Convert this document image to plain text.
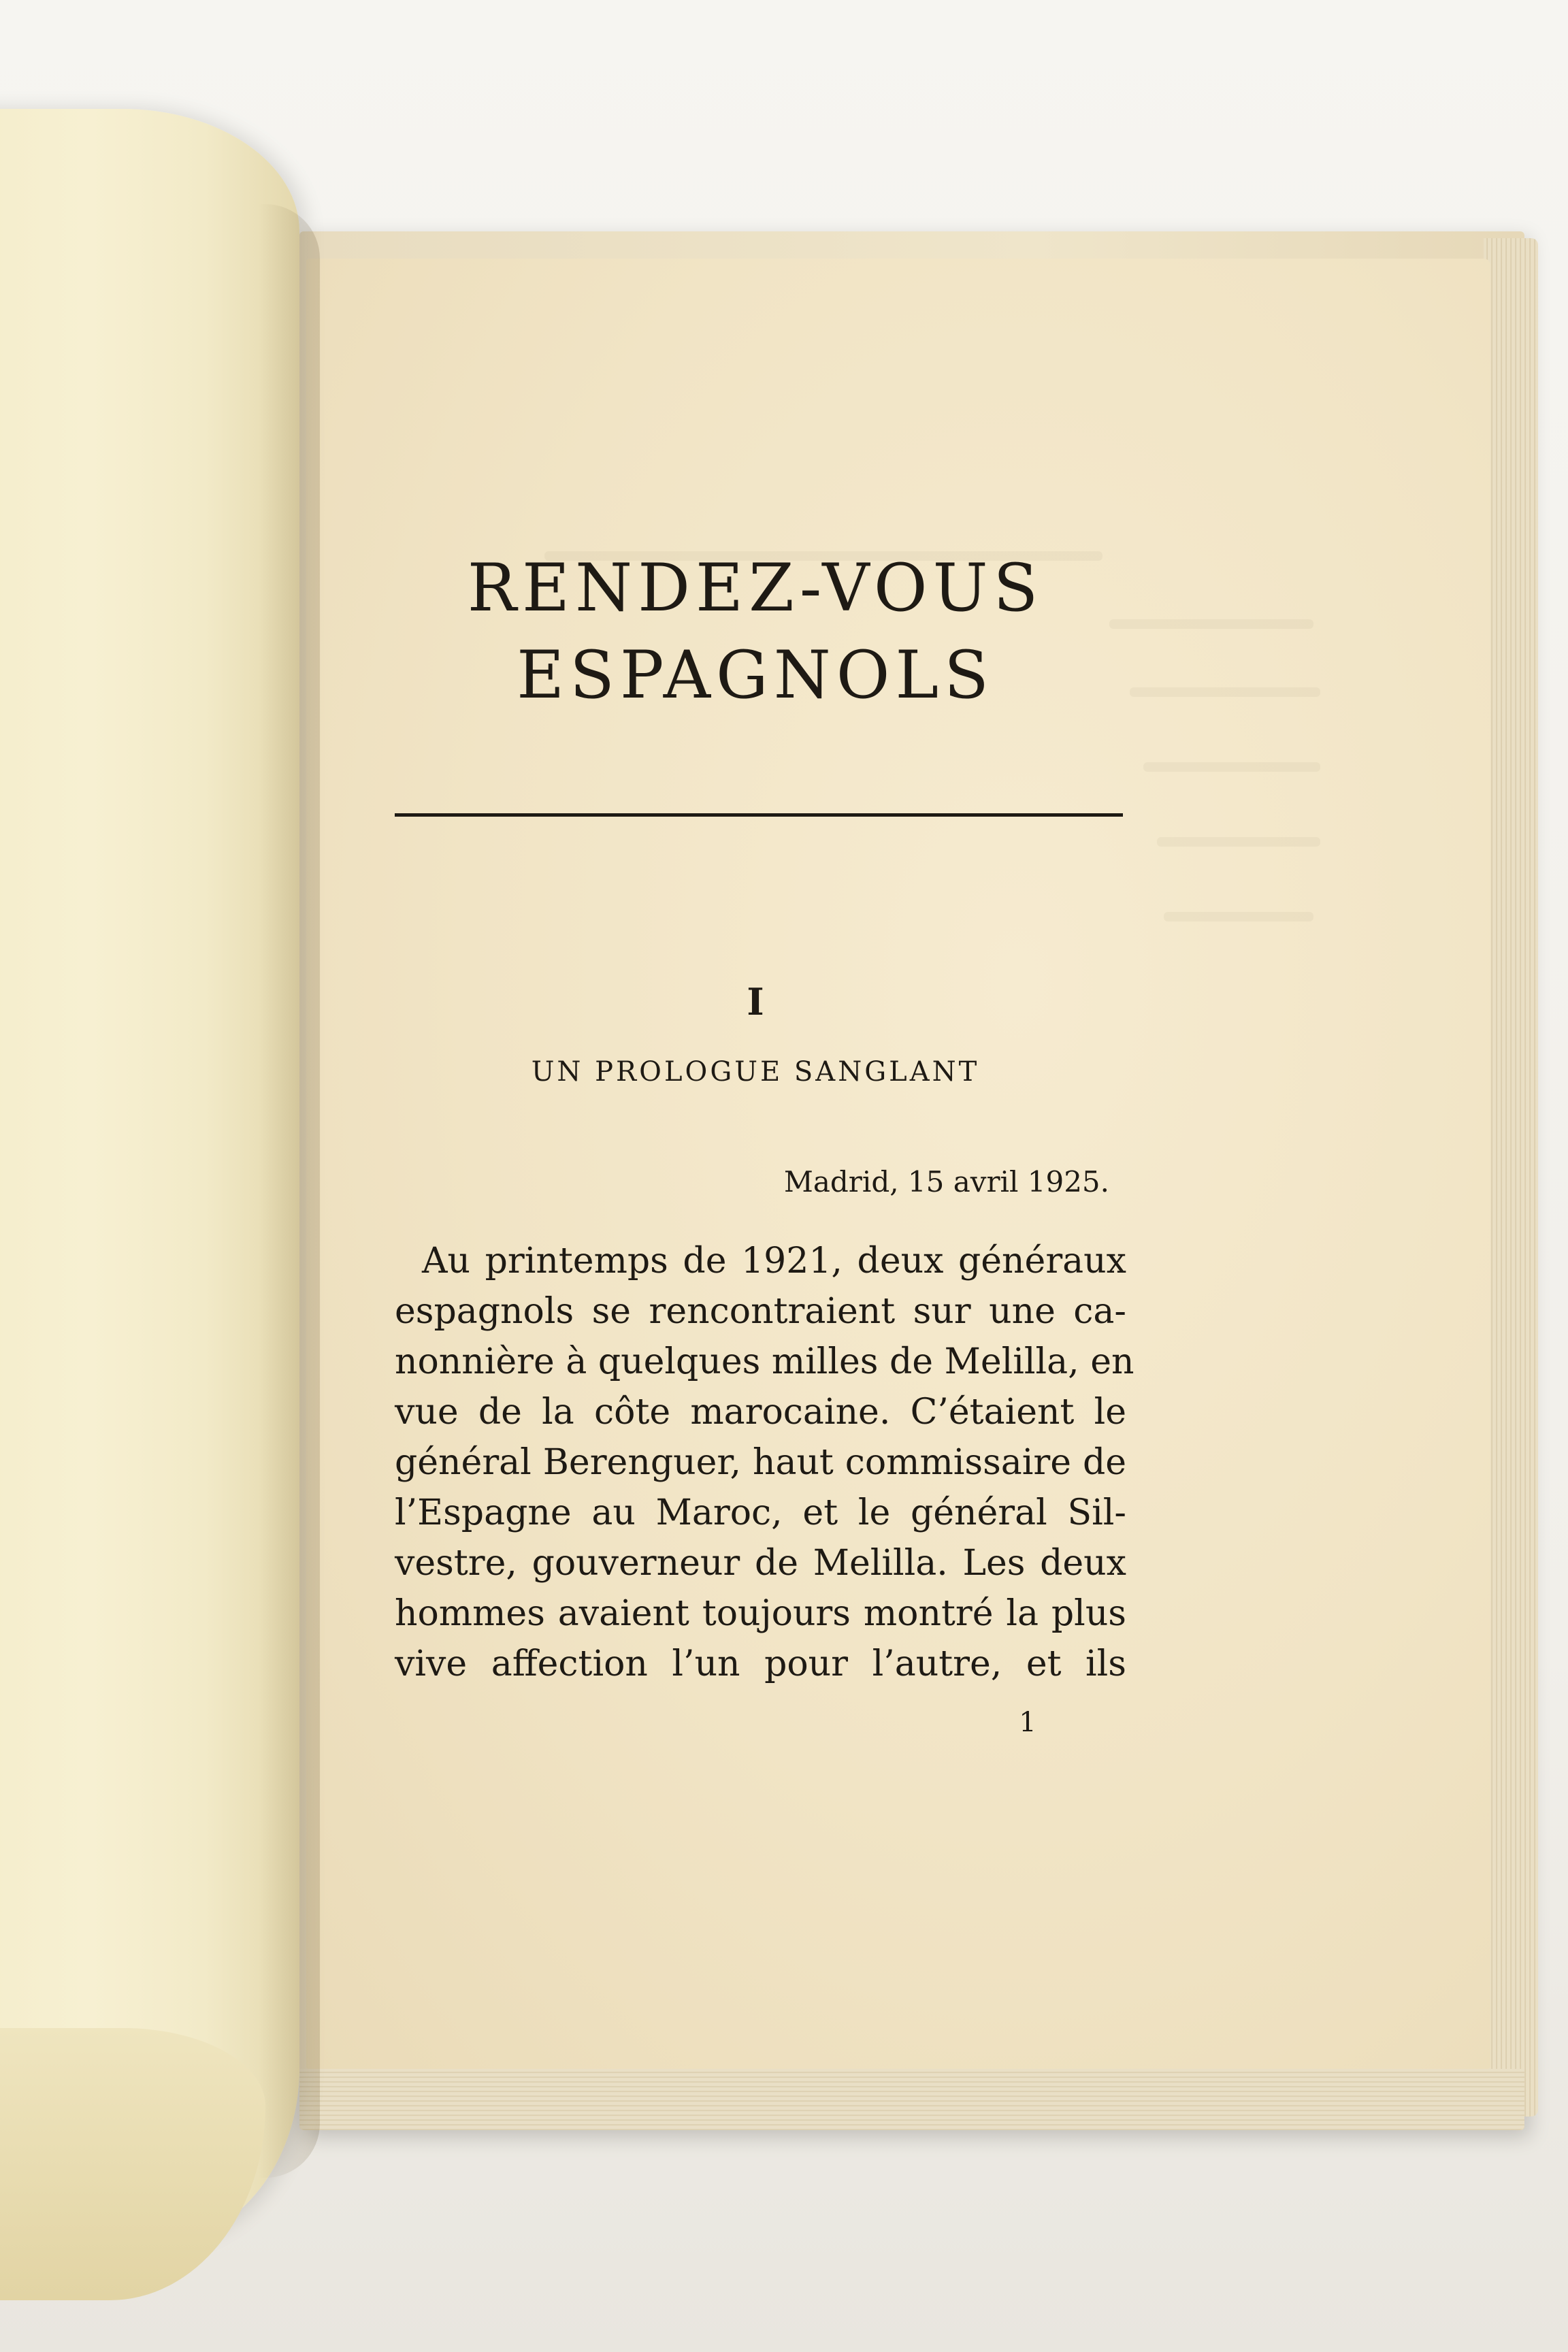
RENDEZ-VOUS
ESPAGNOLS
I
UN PROLOGUE SANGLANT
Madrid, 15 avril 1925.
Au printemps de 1921, deux généraux
espagnols se rencontraient sur une ca-
nonnière à quelques milles de Melilla, en
vue de la côte marocaine. C’étaient le
général Berenguer, haut commissaire de
l’Espagne au Maroc, et le général Sil-
vestre, gouverneur de Melilla. Les deux
hommes avaient toujours montré la plus
vive affection l’un pour l’autre, et ils
1
